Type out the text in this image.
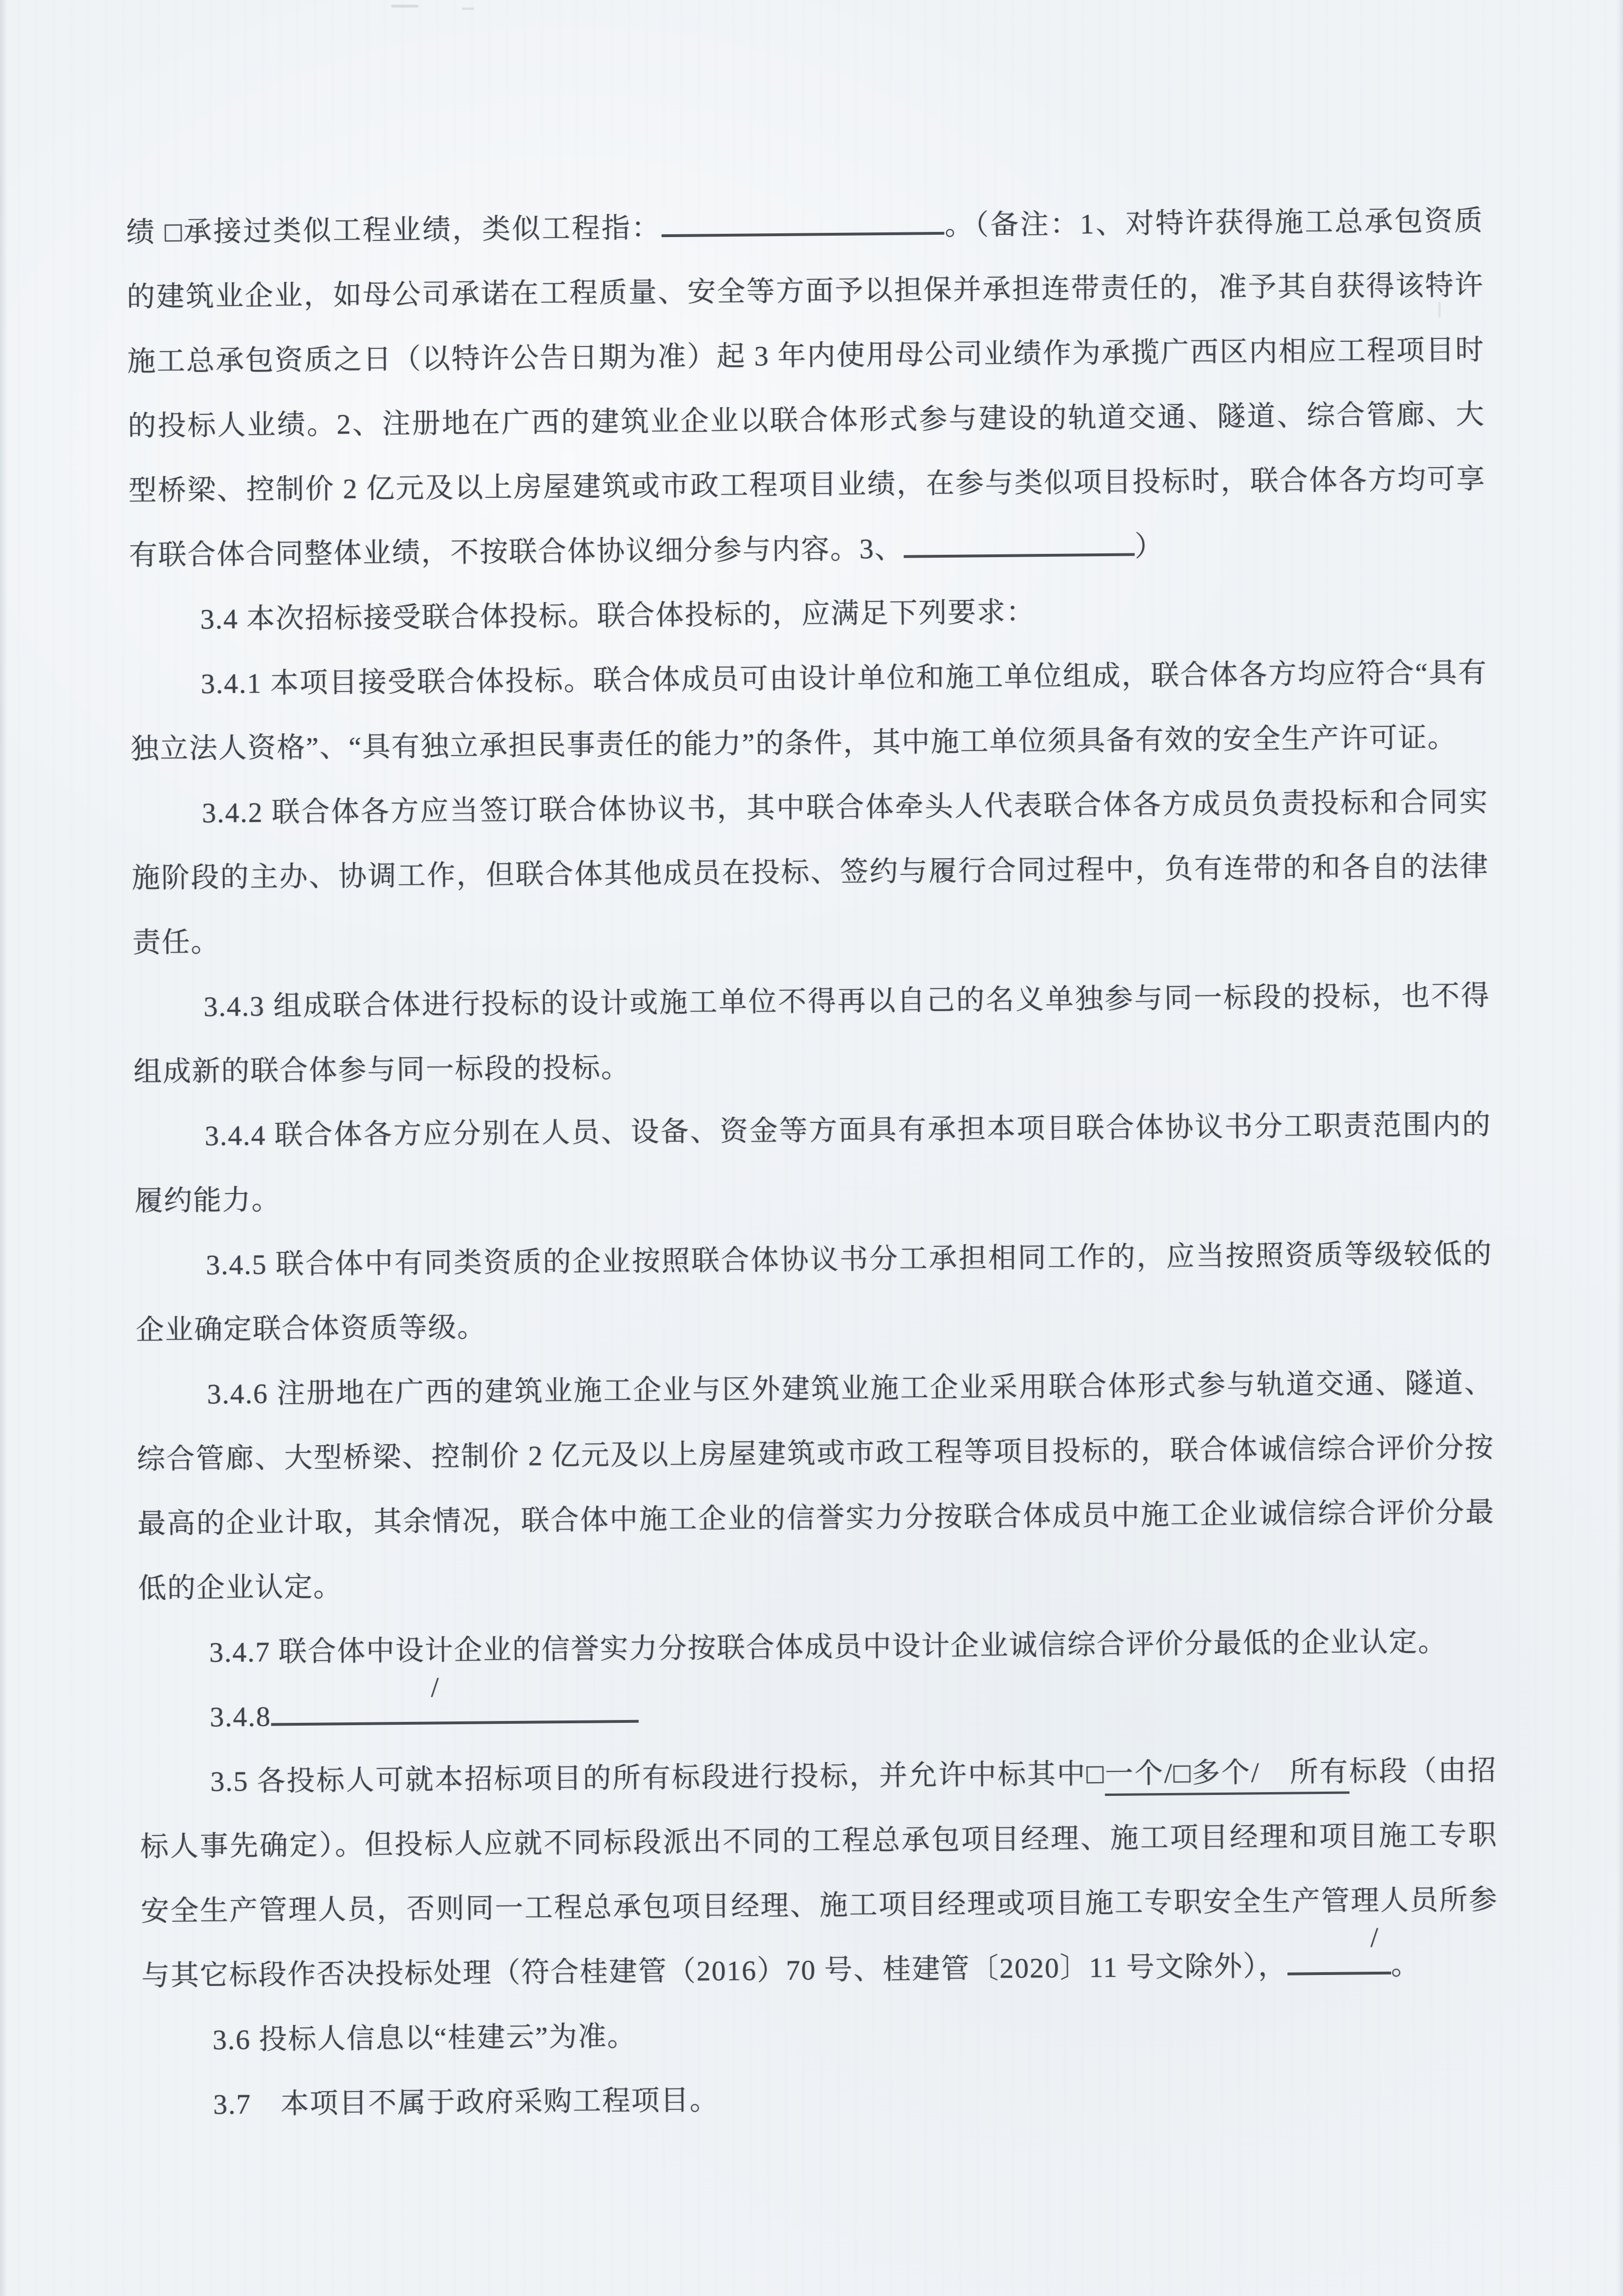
绩 □承接过类似工程业绩，类似工程指：	。（备注：1、对特许获得施工总承包资质的建筑业企业，如母公司承诺在工程质量、安全等方面予以担保并承担连带责任的，准予其自获得该特许施工总承包资质之日（以特许公告日期为准）起 3 年内使用母公司业绩作为承揽广西区内相应工程项目时的投标人业绩。2、注册地在广西的建筑业企业以联合体形式参与建设的轨道交通、隧道、综合管廊、大型桥梁、控制价 2 亿元及以上房屋建筑或市政工程项目业绩，在参与类似项目投标时，联合体各方均可享有联合体合同整体业绩，不按联合体协议细分参与内容。3、	）

3.4 本次招标接受联合体投标。联合体投标的，应满足下列要求：

3.4.1 本项目接受联合体投标。联合体成员可由设计单位和施工单位组成，联合体各方均应符合“具有独立法人资格”、“具有独立承担民事责任的能力”的条件，其中施工单位须具备有效的安全生产许可证。

3.4.2 联合体各方应当签订联合体协议书，其中联合体牵头人代表联合体各方成员负责投标和合同实施阶段的主办、协调工作，但联合体其他成员在投标、签约与履行合同过程中，负有连带的和各自的法律责任。

3.4.3 组成联合体进行投标的设计或施工单位不得再以自己的名义单独参与同一标段的投标，也不得组成新的联合体参与同一标段的投标。

3.4.4 联合体各方应分别在人员、设备、资金等方面具有承担本项目联合体协议书分工职责范围内的履约能力。

3.4.5 联合体中有同类资质的企业按照联合体协议书分工承担相同工作的，应当按照资质等级较低的企业确定联合体资质等级。

3.4.6 注册地在广西的建筑业施工企业与区外建筑业施工企业采用联合体形式参与轨道交通、隧道、综合管廊、大型桥梁、控制价 2 亿元及以上房屋建筑或市政工程等项目投标的，联合体诚信综合评价分按最高的企业计取，其余情况，联合体中施工企业的信誉实力分按联合体成员中施工企业诚信综合评价分最低的企业认定。

3.4.7 联合体中设计企业的信誉实力分按联合体成员中设计企业诚信综合评价分最低的企业认定。

3.4.8
/

3.5 各投标人可就本招标项目的所有标段进行投标，并允许中标其中□一个/□多个/　所有标段（由招标人事先确定）。但投标人应就不同标段派出不同的工程总承包项目经理、施工项目经理和项目施工专职安全生产管理人员，否则同一工程总承包项目经理、施工项目经理或项目施工专职安全生产管理人员所参与其它标段作否决投标处理（符合桂建管（2016）70 号、桂建管〔2020〕11 号文除外），
/
。

3.6 投标人信息以“桂建云”为准。

3.7　本项目不属于政府采购工程项目。
